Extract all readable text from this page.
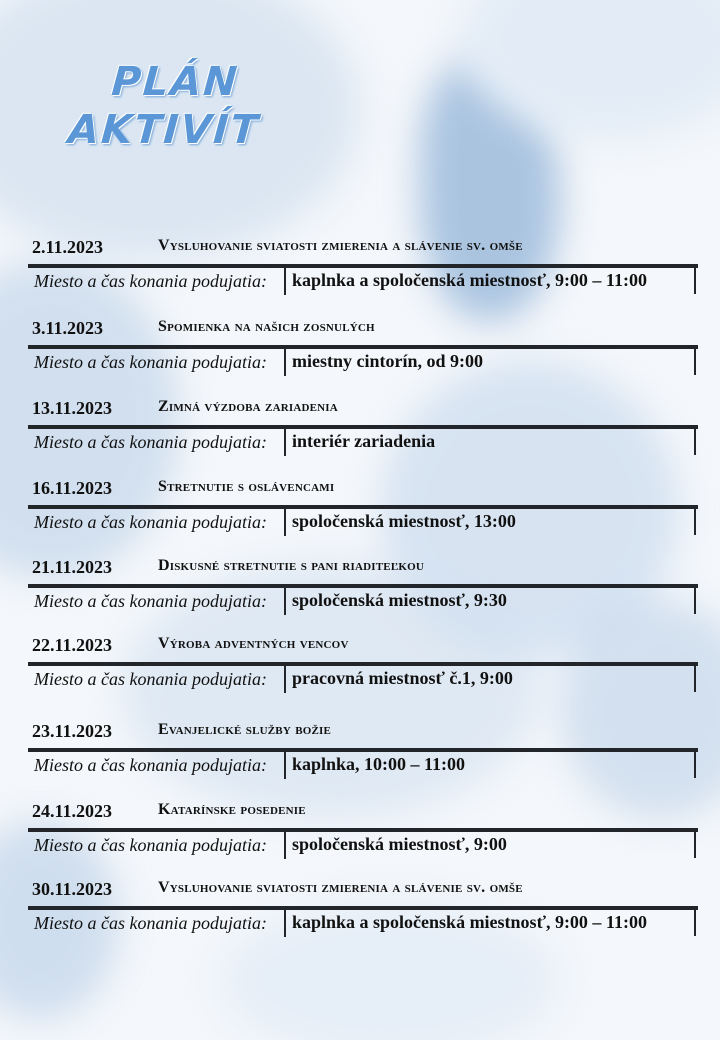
PLÁN
AKTIVÍT
2.11.2023	Vysluhovanie sviatosti zmierenia a slávenie sv. omše
Miesto a čas konania podujatia: kaplnka a spoločenská miestnosť, 9:00 – 11:00
3.11.2023	Spomienka na našich zosnulých
Miesto a čas konania podujatia: miestny cintorín, od 9:00
13.11.2023	Zimná výzdoba zariadenia
Miesto a čas konania podujatia: interiér zariadenia
16.11.2023	Stretnutie s oslávencami
Miesto a čas konania podujatia: spoločenská miestnosť, 13:00
21.11.2023	Diskusné stretnutie s pani riaditeľkou
Miesto a čas konania podujatia: spoločenská miestnosť, 9:30
22.11.2023	Výroba adventných vencov
Miesto a čas konania podujatia: pracovná miestnosť č.1, 9:00
23.11.2023	Evanjelické služby božie
Miesto a čas konania podujatia: kaplnka, 10:00 – 11:00
24.11.2023	Katarínske posedenie
Miesto a čas konania podujatia: spoločenská miestnosť, 9:00
30.11.2023	Vysluhovanie sviatosti zmierenia a slávenie sv. omše
Miesto a čas konania podujatia: kaplnka a spoločenská miestnosť, 9:00 – 11:00
